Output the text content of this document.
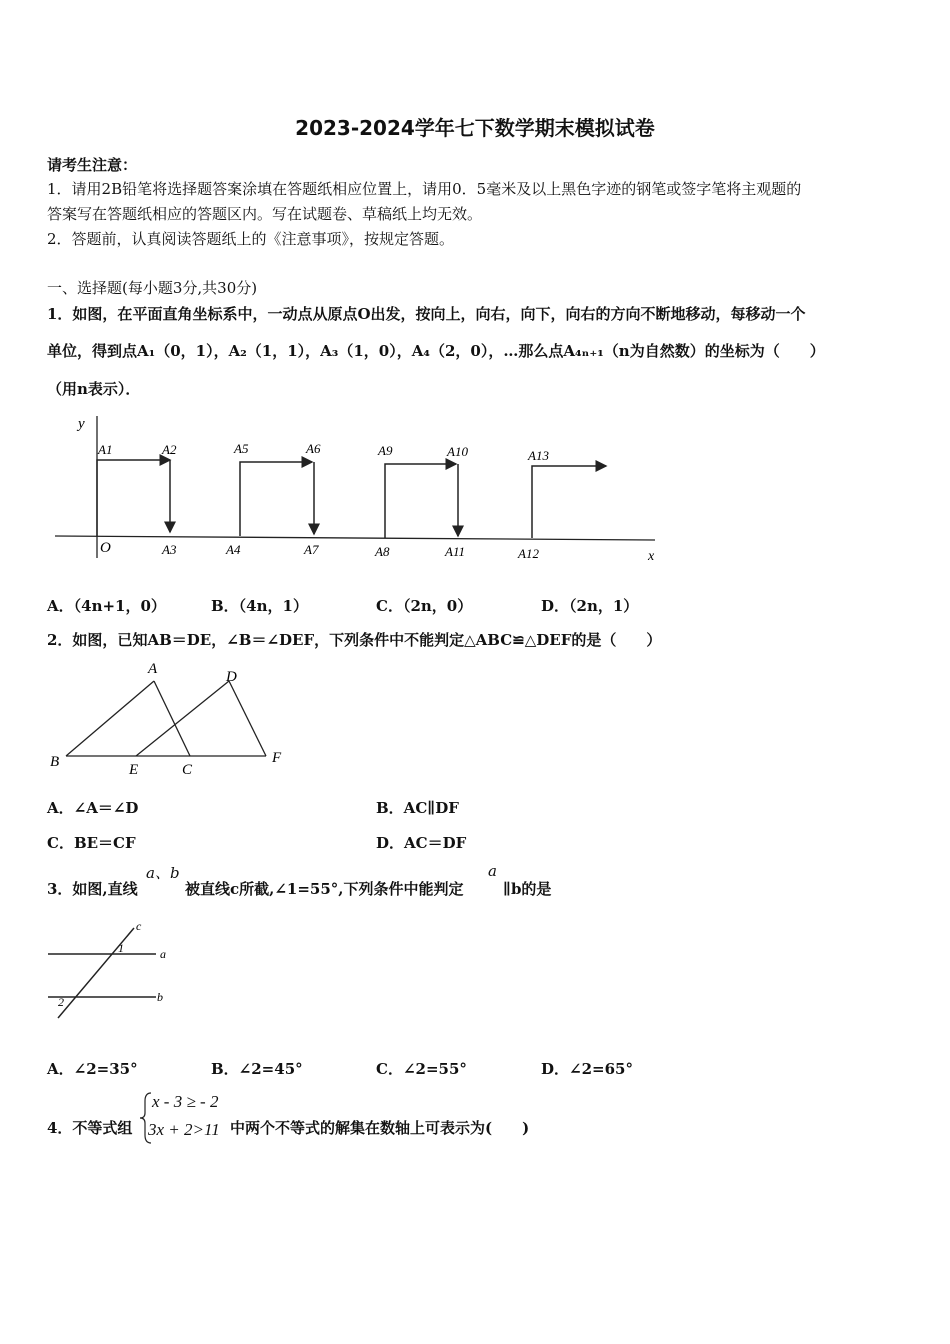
2023-2024学年七下数学期末模拟试卷
请考生注意：
1．请用2B铅笔将选择题答案涂填在答题纸相应位置上，请用0．5毫米及以上黑色字迹的钢笔或签字笔将主观题的
答案写在答题纸相应的答题区内。写在试题卷、草稿纸上均无效。
2．答题前，认真阅读答题纸上的《注意事项》，按规定答题。
一、选择题(每小题3分,共30分)
1．如图，在平面直角坐标系中，一动点从原点O出发，按向上，向右，向下，向右的方向不断地移动，每移动一个
单位，得到点A₁（0，1），A₂（1，1），A₃（1，0），A₄（2，0），…那么点A₄ₙ₊₁（n为自然数）的坐标为（　　）
（用n表示）．
y
x
O
A1	A2
A3	A4
A5	A6
A7	A8
A9	A10
A11	A12
A13
A．（4n+1，0）	B．（4n，1）	C．（2n，0）	D．（2n，1）
2．如图，已知AB＝DE，∠B＝∠DEF，下列条件中不能判定△ABC≌△DEF的是（　　）
A
B	C
D
E
F
A．∠A＝∠D	B．AC∥DF
C．BE＝CF	D．AC＝DF
3．如图,直线
a、b
被直线c所截,∠1=55°,下列条件中能判定
a
∥b的是
c
a
b
1
2
A．∠2=35°	B．∠2=45°	C．∠2=55°	D．∠2=65°
4．不等式组
x - 3 ≥ - 2
3x + 2>11 中两个不等式的解集在数轴上可表示为(　　)
